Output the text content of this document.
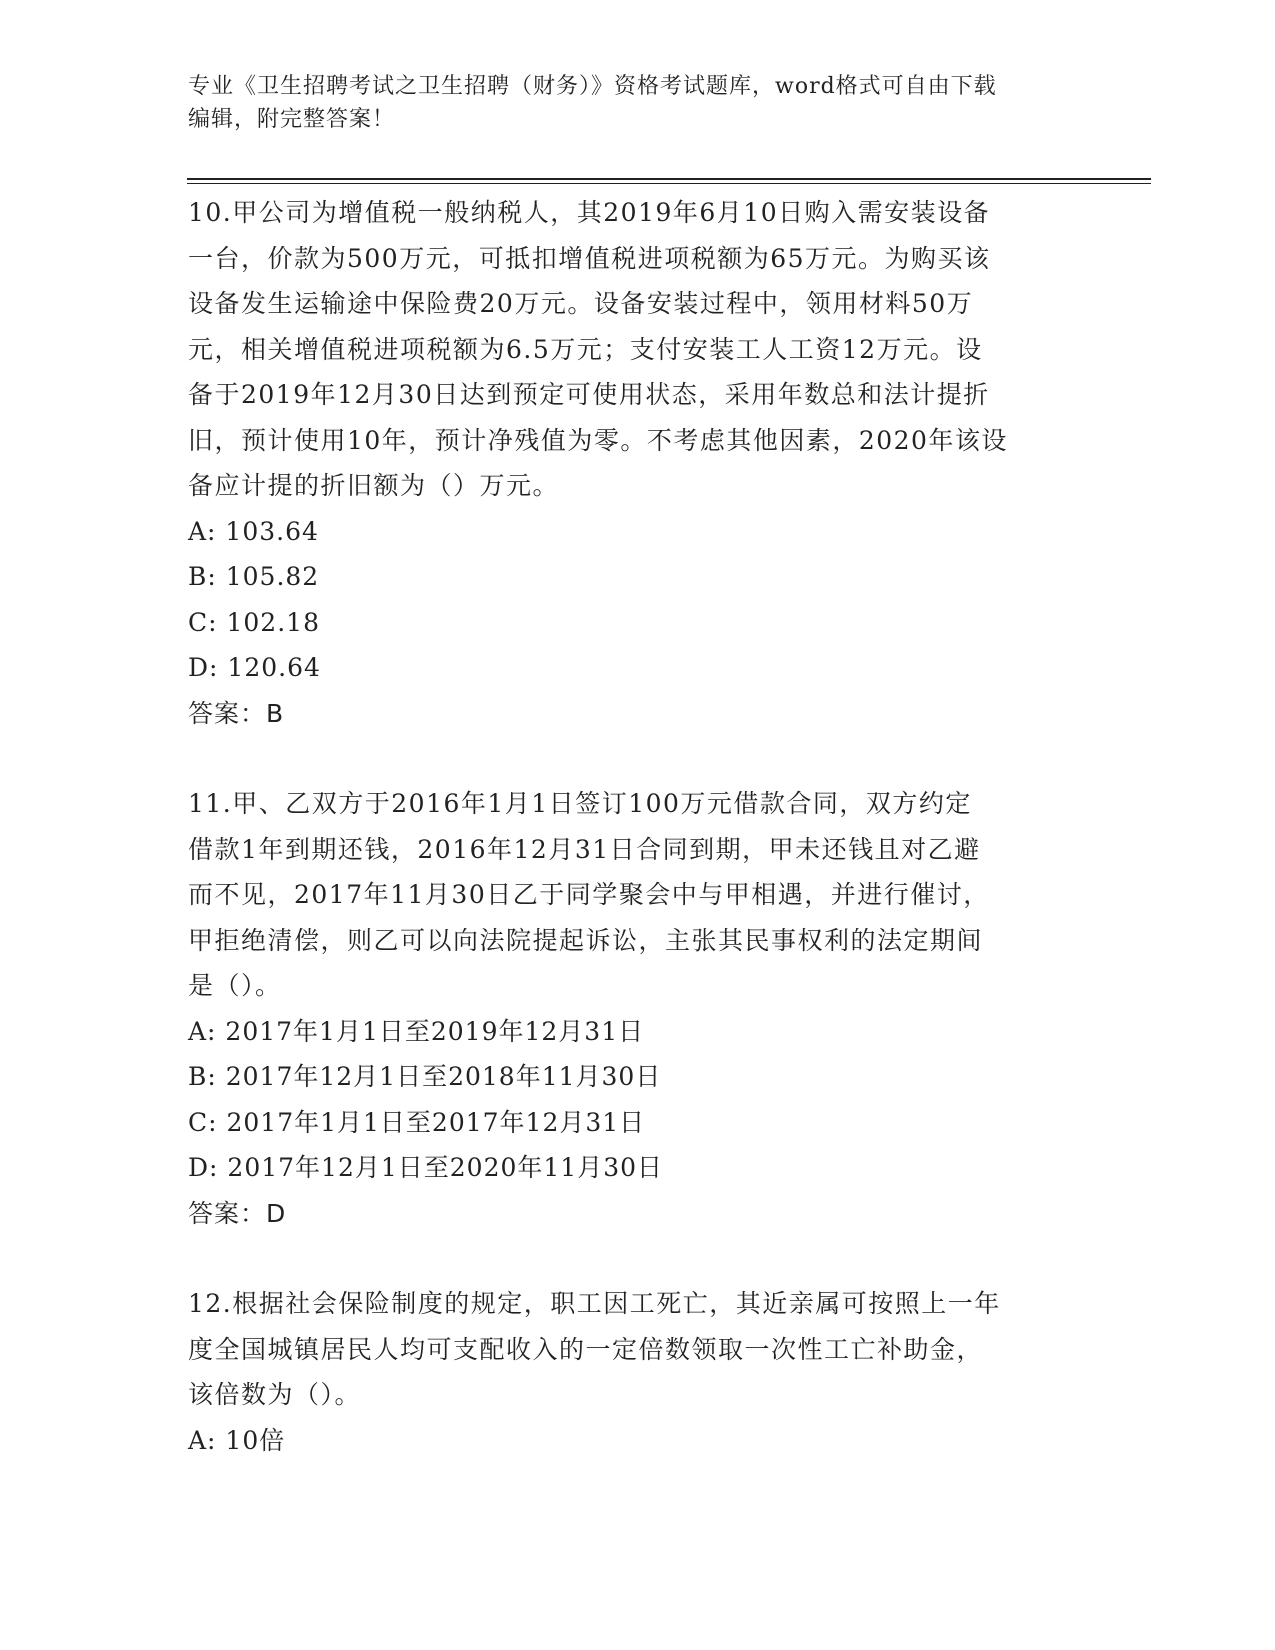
专业《卫生招聘考试之卫生招聘（财务）》资格考试题库，word格式可自由下载
编辑，附完整答案！
10.甲公司为增值税一般纳税人，其2019年6月10日购入需安装设备
一台，价款为500万元，可抵扣增值税进项税额为65万元。为购买该
设备发生运输途中保险费20万元。设备安装过程中，领用材料50万
元，相关增值税进项税额为6.5万元；支付安装工人工资12万元。设
备于2019年12月30日达到预定可使用状态，采用年数总和法计提折
旧，预计使用10年，预计净残值为零。不考虑其他因素，2020年该设
备应计提的折旧额为（）万元。
A: 103.64
B: 105.82
C: 102.18
D: 120.64
答案：B
11.甲、乙双方于2016年1月1日签订100万元借款合同，双方约定
借款1年到期还钱，2016年12月31日合同到期，甲未还钱且对乙避
而不见，2017年11月30日乙于同学聚会中与甲相遇，并进行催讨，
甲拒绝清偿，则乙可以向法院提起诉讼，主张其民事权利的法定期间
是（）。
A: 2017年1月1日至2019年12月31日
B: 2017年12月1日至2018年11月30日
C: 2017年1月1日至2017年12月31日
D: 2017年12月1日至2020年11月30日
答案：D
12.根据社会保险制度的规定，职工因工死亡，其近亲属可按照上一年
度全国城镇居民人均可支配收入的一定倍数领取一次性工亡补助金，
该倍数为（）。
A: 10倍
